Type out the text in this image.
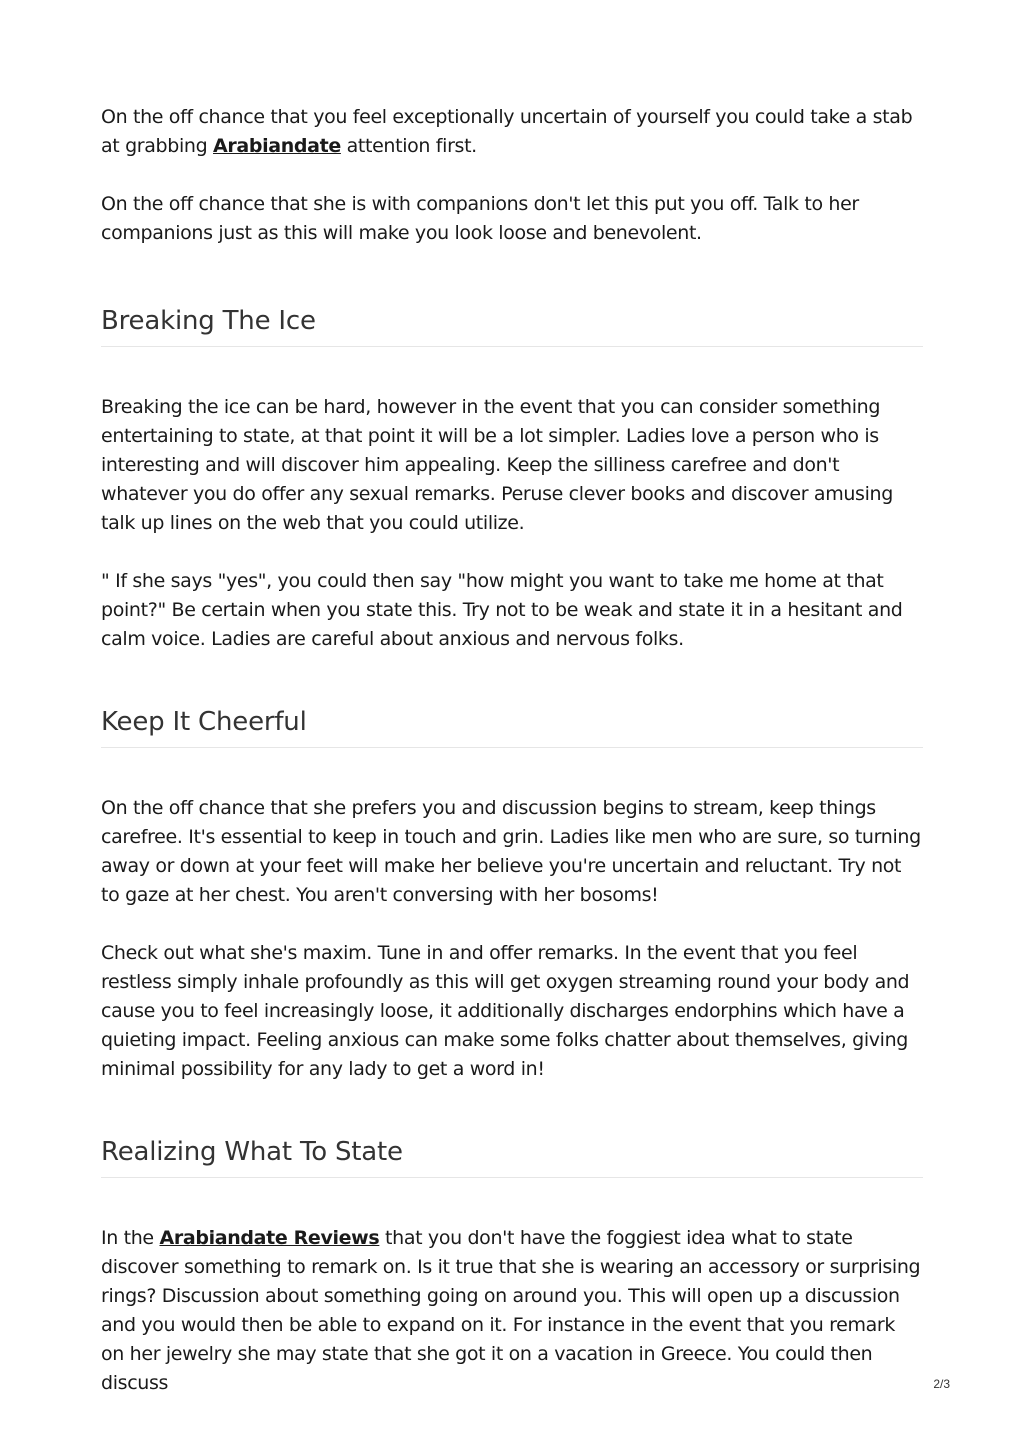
On the off chance that you feel exceptionally uncertain of yourself you could take a stab at grabbing Arabiandate attention first.

On the off chance that she is with companions don't let this put you off. Talk to her companions just as this will make you look loose and benevolent.

Breaking The Ice

Breaking the ice can be hard, however in the event that you can consider something entertaining to state, at that point it will be a lot simpler. Ladies love a person who is interesting and will discover him appealing. Keep the silliness carefree and don't whatever you do offer any sexual remarks. Peruse clever books and discover amusing talk up lines on the web that you could utilize.

" If she says "yes", you could then say "how might you want to take me home at that point?" Be certain when you state this. Try not to be weak and state it in a hesitant and calm voice. Ladies are careful about anxious and nervous folks.

Keep It Cheerful

On the off chance that she prefers you and discussion begins to stream, keep things carefree. It's essential to keep in touch and grin. Ladies like men who are sure, so turning away or down at your feet will make her believe you're uncertain and reluctant. Try not to gaze at her chest. You aren't conversing with her bosoms!

Check out what she's maxim. Tune in and offer remarks. In the event that you feel restless simply inhale profoundly as this will get oxygen streaming round your body and cause you to feel increasingly loose, it additionally discharges endorphins which have a quieting impact. Feeling anxious can make some folks chatter about themselves, giving minimal possibility for any lady to get a word in!

Realizing What To State

In the Arabiandate Reviews that you don't have the foggiest idea what to state discover something to remark on. Is it true that she is wearing an accessory or surprising rings? Discussion about something going on around you. This will open up a discussion and you would then be able to expand on it. For instance in the event that you remark on her jewelry she may state that she got it on a vacation in Greece. You could then discuss	2/3
